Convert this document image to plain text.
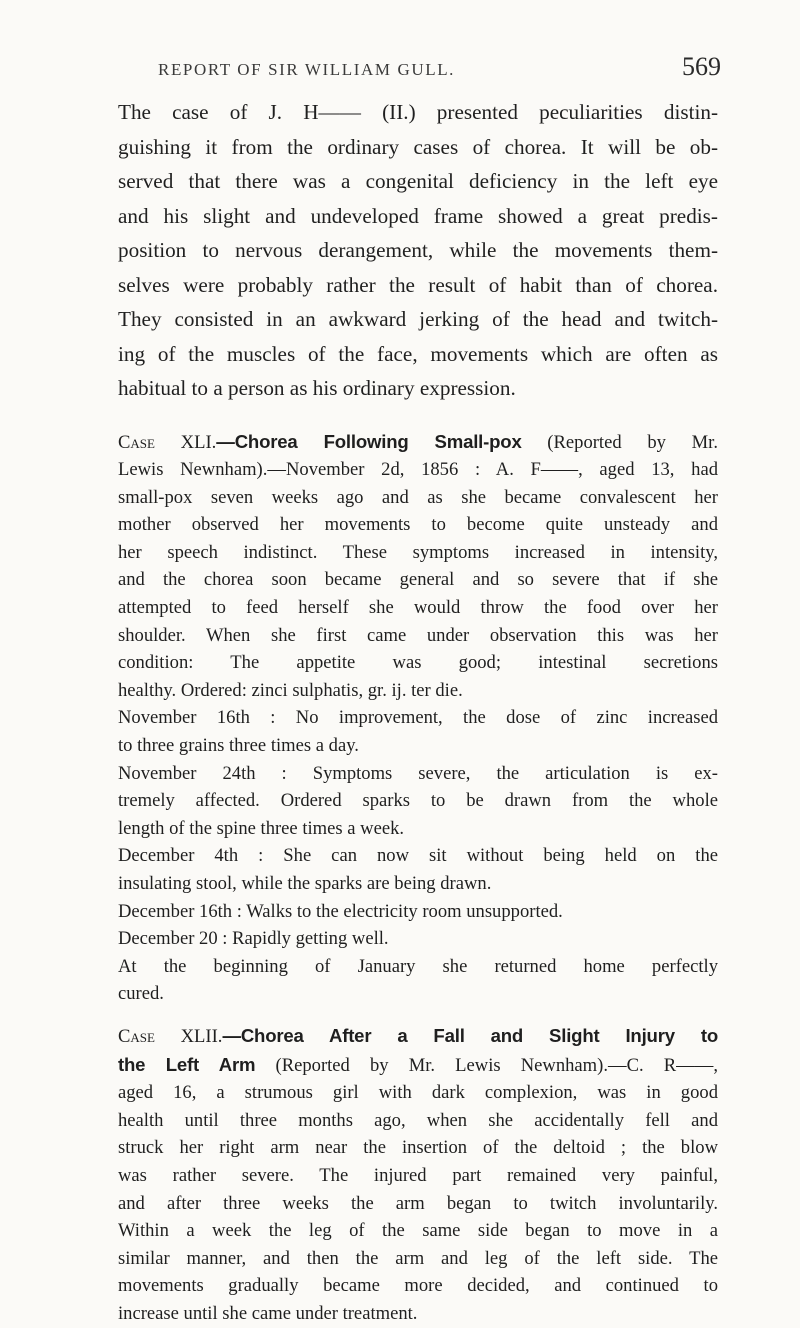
REPORT OF SIR WILLIAM GULL.	569

The case of J. H—— (II.) presented peculiarities distin-
guishing it from the ordinary cases of chorea. It will be ob-
served that there was a congenital deficiency in the left eye
and his slight and undeveloped frame showed a great predis-
position to nervous derangement, while the movements them-
selves were probably rather the result of habit than of chorea.
They consisted in an awkward jerking of the head and twitch-
ing of the muscles of the face, movements which are often as
habitual to a person as his ordinary expression.

Case XLI.—Chorea Following Small-pox (Reported by Mr.
Lewis Newnham).—November 2d, 1856 : A. F——, aged 13, had
small-pox seven weeks ago and as she became convalescent her
mother observed her movements to become quite unsteady and
her speech indistinct. These symptoms increased in intensity,
and the chorea soon became general and so severe that if she
attempted to feed herself she would throw the food over her
shoulder. When she first came under observation this was her
condition: The appetite was good; intestinal secretions
healthy. Ordered: zinci sulphatis, gr. ij. ter die.
November 16th : No improvement, the dose of zinc increased
to three grains three times a day.
November 24th : Symptoms severe, the articulation is ex-
tremely affected. Ordered sparks to be drawn from the whole
length of the spine three times a week.
December 4th : She can now sit without being held on the
insulating stool, while the sparks are being drawn.
December 16th : Walks to the electricity room unsupported.
December 20 : Rapidly getting well.
At the beginning of January she returned home perfectly
cured.
Case XLII.—Chorea After a Fall and Slight Injury to
the Left Arm (Reported by Mr. Lewis Newnham).—C. R——,
aged 16, a strumous girl with dark complexion, was in good
health until three months ago, when she accidentally fell and
struck her right arm near the insertion of the deltoid ; the blow
was rather severe. The injured part remained very painful,
and after three weeks the arm began to twitch involuntarily.
Within a week the leg of the same side began to move in a
similar manner, and then the arm and leg of the left side. The
movements gradually became more decided, and continued to
increase until she came under treatment.
